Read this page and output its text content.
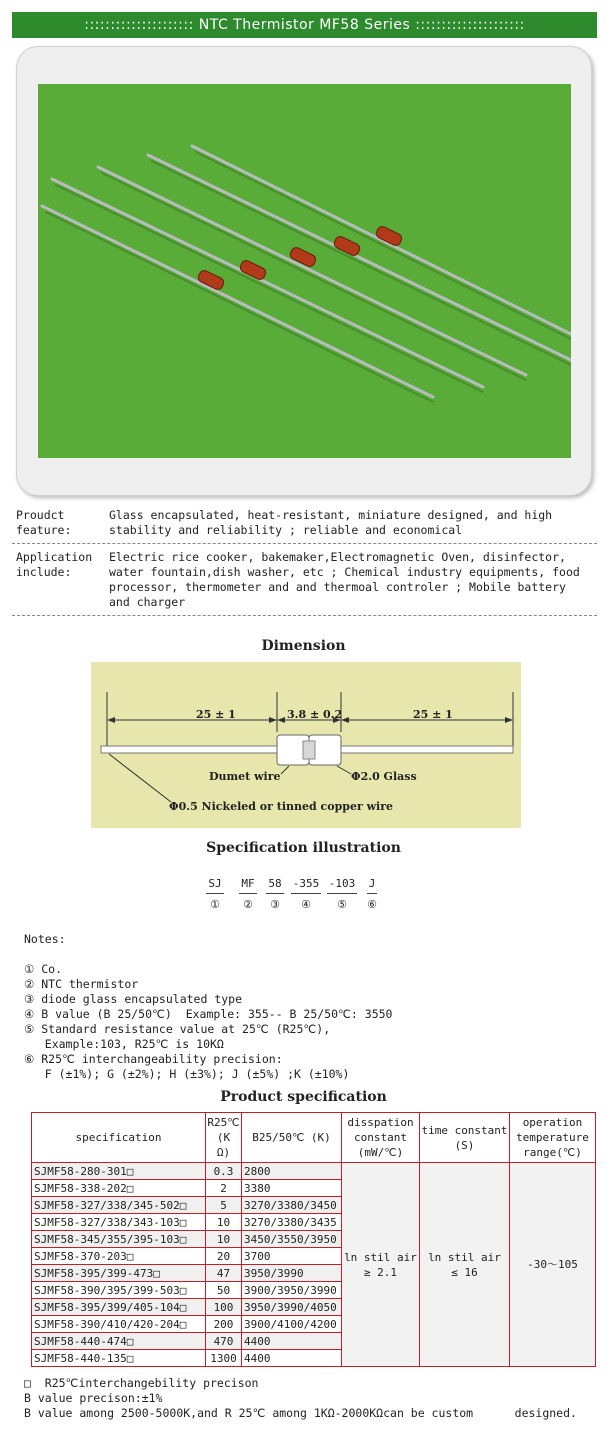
::::::::::::::::::::: NTC Thermistor MF58 Series :::::::::::::::::::::
Proudct feature:
Glass encapsulated, heat-resistant, miniature designed, and high stability and reliability ; reliable and economical
Application include:
Electric rice cooker, bakemaker,Electromagnetic Oven, disinfector, water fountain,dish washer, etc ; Chemical industry equipments, food processor, thermometer and and thermoal controler ; Mobile battery and charger
Dimension
25 ± 1	3.8 ± 0.2	25 ± 1
Dumet wire	Φ2.0 Glass
Φ0.5 Nickeled or tinned copper wire
Specification illustration
SJ
①
MF
②
58
③
-355
④
-103
⑤
J
⑥
Notes:
① Co.
② NTC thermistor
③ diode glass encapsulated type
④ B value (B 25/50℃)  Example: 355-- B 25/50℃: 3550
⑤ Standard resistance value at 25℃ (R25℃),
Example:103, R25℃ is 10KΩ
⑥ R25℃ interchangeability precision:
F (±1%); G (±2%); H (±3%); J (±5%) ;K (±10%)
Product specification
specification	R25℃ (K Ω)	B25/50℃ (K)	disspation constant (mW/℃)	time constant (S)	operation temperature range(℃)
SJMF58-280-301□	0.3	2800	ln stil air ≥ 2.1	ln stil air ≤ 16	-30～105
SJMF58-338-202□	2	3380			
SJMF58-327/338/345-502□	5	3270/3380/3450			
SJMF58-327/338/343-103□	10	3270/3380/3435			
SJMF58-345/355/395-103□	10	3450/3550/3950			
SJMF58-370-203□	20	3700			
SJMF58-395/399-473□	47	3950/3990			
SJMF58-390/395/399-503□	50	3900/3950/3990			
SJMF58-395/399/405-104□	100	3950/3990/4050			
SJMF58-390/410/420-204□	200	3900/4100/4200			
SJMF58-440-474□	470	4400			
SJMF58-440-135□	1300	4400			
□  R25℃interchangebility precison
B value precison:±1%
B value among 2500-5000K,and R 25℃ among 1KΩ-2000KΩcan be custom      designed.
